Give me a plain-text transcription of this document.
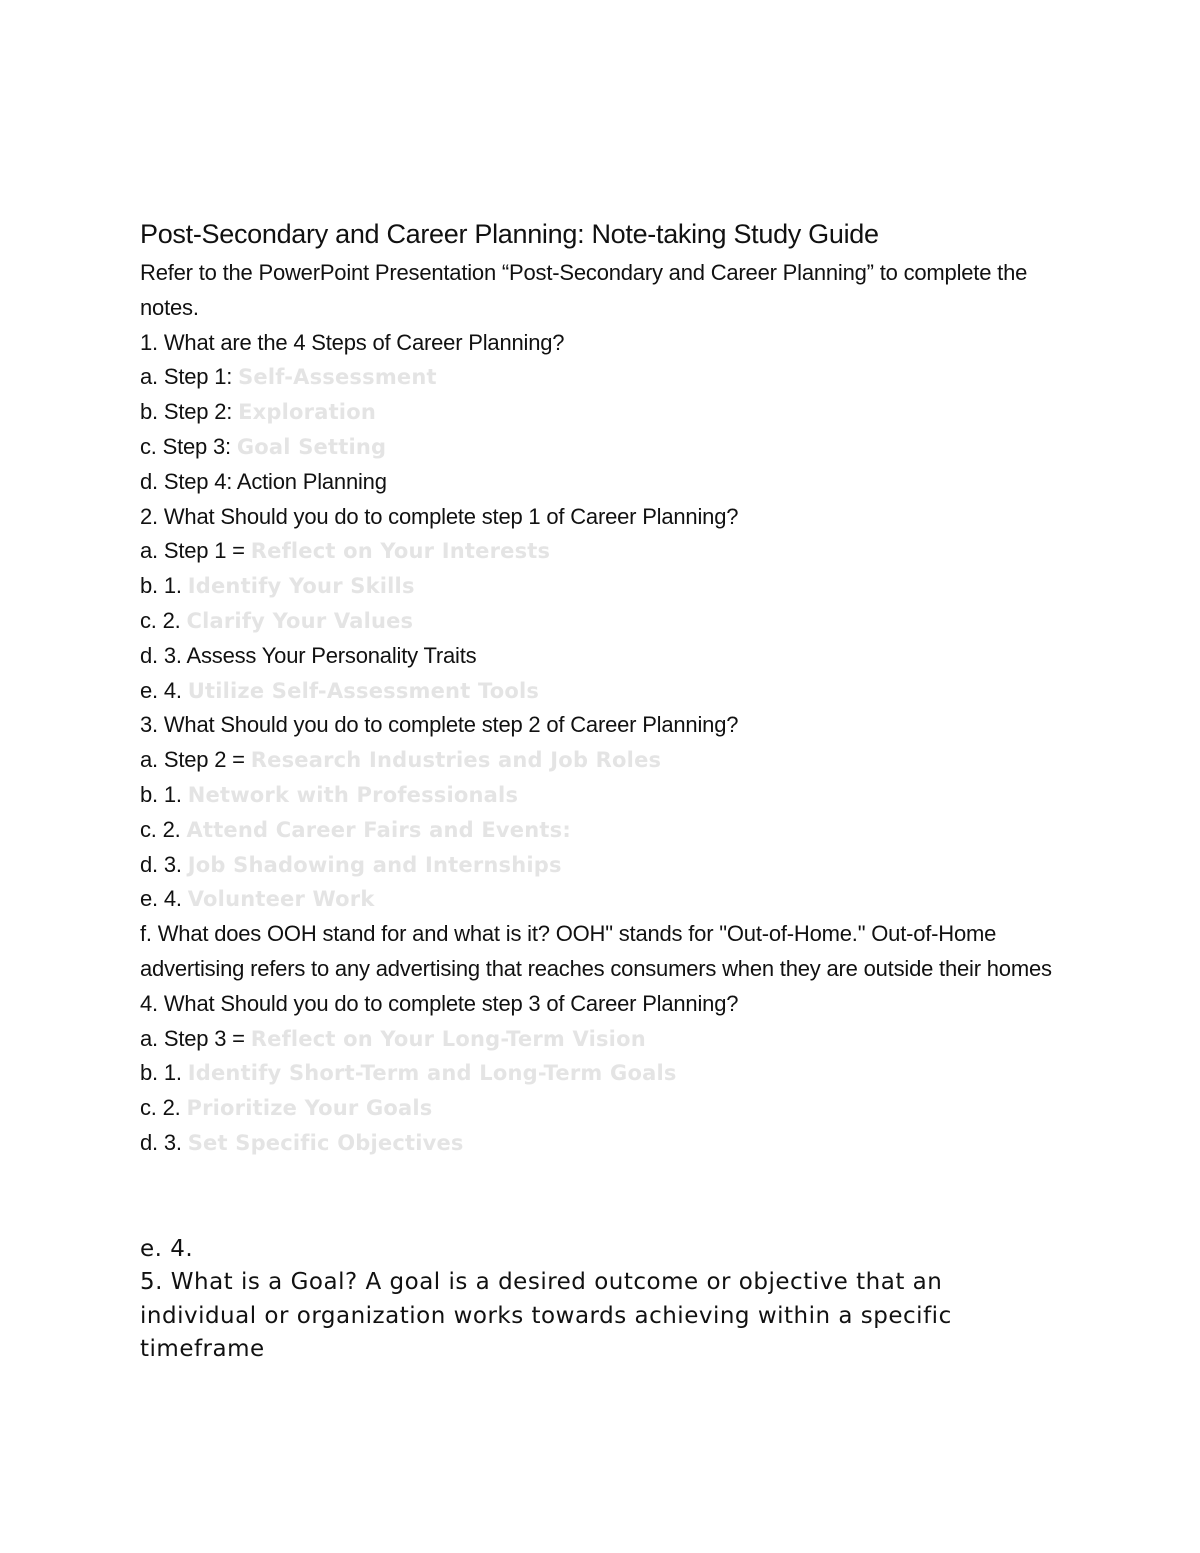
Post-Secondary and Career Planning: Note-taking Study Guide

Refer to the PowerPoint Presentation “Post-Secondary and Career Planning” to complete the notes.

1. What are the 4 Steps of Career Planning?

a. Step 1: Self-Assessment

b. Step 2: Exploration

c. Step 3: Goal Setting

d. Step 4: Action Planning

2. What Should you do to complete step 1 of Career Planning?

a. Step 1 = Reflect on Your Interests

b. 1. Identify Your Skills

c. 2. Clarify Your Values

d. 3. Assess Your Personality Traits

e. 4. Utilize Self-Assessment Tools

3. What Should you do to complete step 2 of Career Planning?

a. Step 2 = Research Industries and Job Roles

b. 1. Network with Professionals

c. 2. Attend Career Fairs and Events:

d. 3. Job Shadowing and Internships

e. 4. Volunteer Work

f. What does OOH stand for and what is it? OOH" stands for "Out-of-Home." Out-of-Home advertising refers to any advertising that reaches consumers when they are outside their homes

4. What Should you do to complete step 3 of Career Planning?

a. Step 3 = Reflect on Your Long-Term Vision

b. 1. Identify Short-Term and Long-Term Goals

c. 2. Prioritize Your Goals

d. 3. Set Specific Objectives

e. 4.

5. What is a Goal? A goal is a desired outcome or objective that an individual or organization works towards achieving within a specific timeframe
